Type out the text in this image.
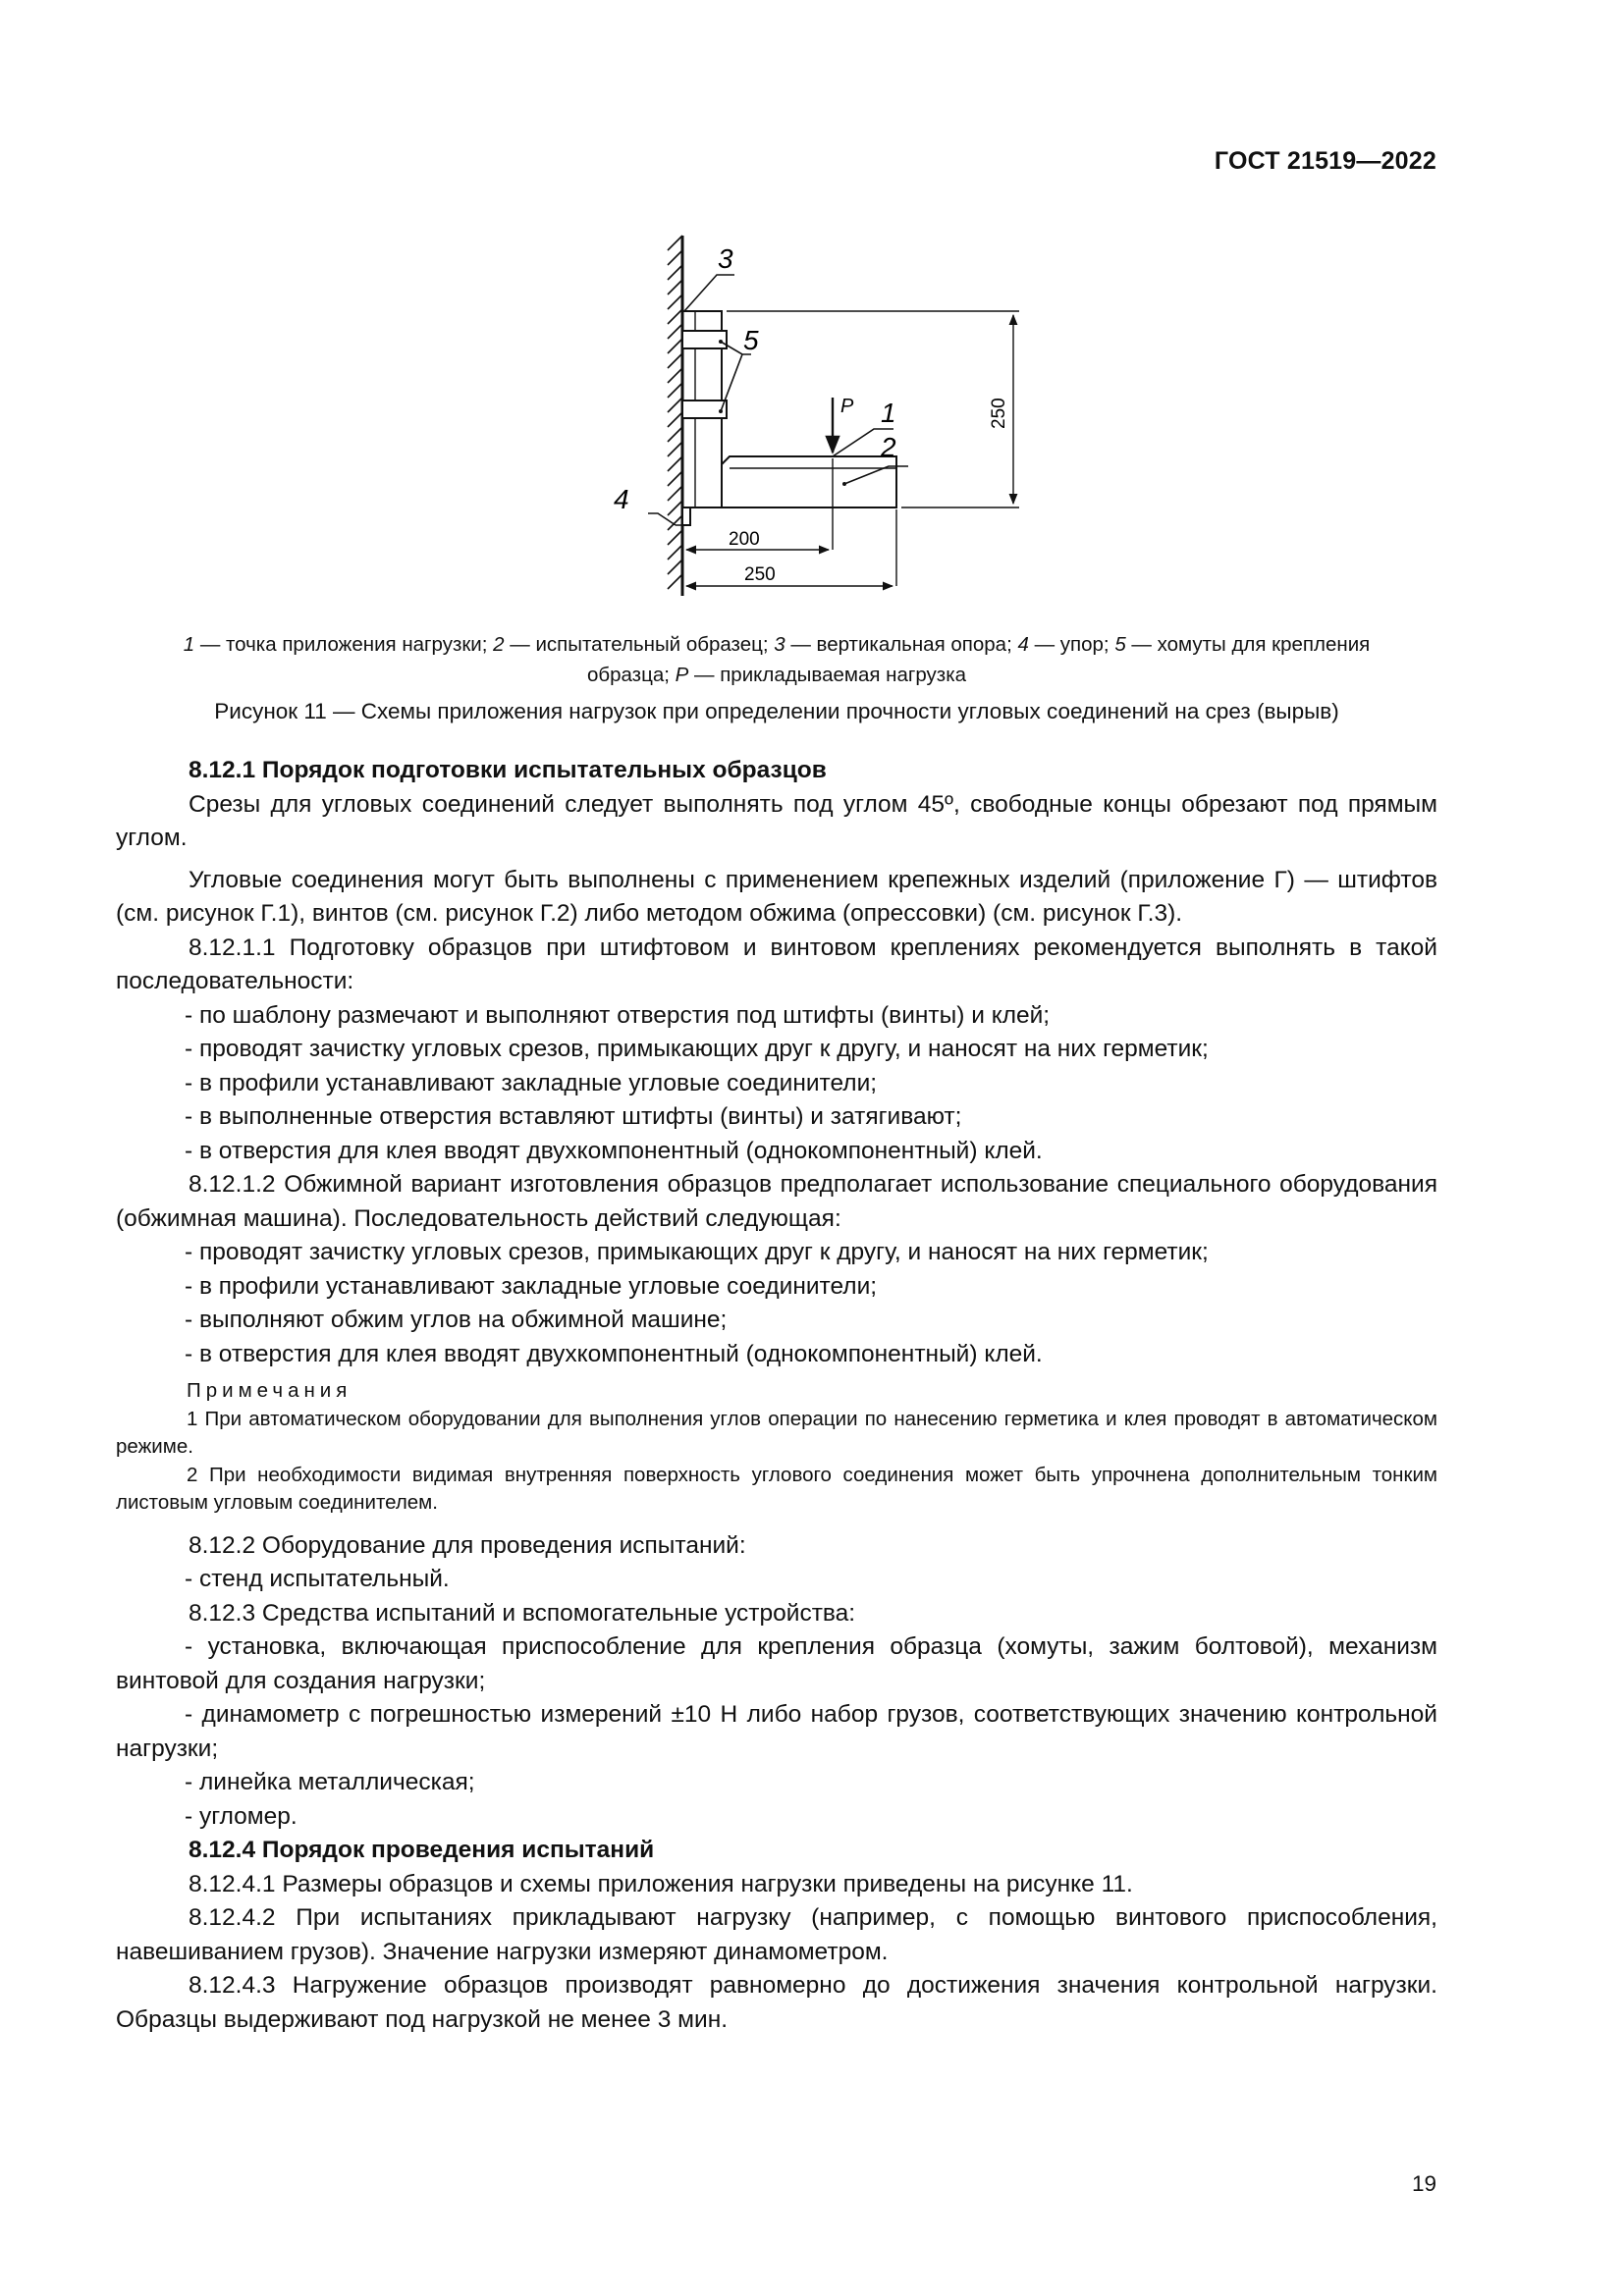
ГОСТ 21519—2022
3
5
P 1
2
4
250
200
250
1 — точка приложения нагрузки; 2 — испытательный образец; 3 — вертикальная опора; 4 — упор; 5 — хомуты для крепления
образца; P — прикладываемая нагрузка
Рисунок 11 — Схемы приложения нагрузок при определении прочности угловых соединений на срез (вырыв)

8.12.1 Порядок подготовки испытательных образцов

Срезы для угловых соединений следует выполнять под углом 45º, свободные концы обрезают под прямым углом.

Угловые соединения могут быть выполнены с применением крепежных изделий (приложение Г) — штифтов (см. рисунок Г.1), винтов (см. рисунок Г.2) либо методом обжима (опрессовки) (см. рисунок Г.3).

8.12.1.1 Подготовку образцов при штифтовом и винтовом креплениях рекомендуется выполнять в такой последовательности:

- по шаблону размечают и выполняют отверстия под штифты (винты) и клей;

- проводят зачистку угловых срезов, примыкающих друг к другу, и наносят на них герметик;

- в профили устанавливают закладные угловые соединители;

- в выполненные отверстия вставляют штифты (винты) и затягивают;

- в отверстия для клея вводят двухкомпонентный (однокомпонентный) клей.

8.12.1.2 Обжимной вариант изготовления образцов предполагает использование специального оборудования (обжимная машина). Последовательность действий следующая:

- проводят зачистку угловых срезов, примыкающих друг к другу, и наносят на них герметик;

- в профили устанавливают закладные угловые соединители;

- выполняют обжим углов на обжимной машине;

- в отверстия для клея вводят двухкомпонентный (однокомпонентный) клей.

Примечания

1 При автоматическом оборудовании для выполнения углов операции по нанесению герметика и клея проводят в автоматическом режиме.

2 При необходимости видимая внутренняя поверхность углового соединения может быть упрочнена дополнительным тонким листовым угловым соединителем.

8.12.2 Оборудование для проведения испытаний:

- стенд испытательный.

8.12.3 Средства испытаний и вспомогательные устройства:

- установка, включающая приспособление для крепления образца (хомуты, зажим болтовой), механизм винтовой для создания нагрузки;

- динамометр с погрешностью измерений ±10 Н либо набор грузов, соответствующих значению контрольной нагрузки;

- линейка металлическая;

- угломер.

8.12.4 Порядок проведения испытаний

8.12.4.1 Размеры образцов и схемы приложения нагрузки приведены на рисунке 11.

8.12.4.2 При испытаниях прикладывают нагрузку (например, с помощью винтового приспособления, навешиванием грузов). Значение нагрузки измеряют динамометром.

8.12.4.3 Нагружение образцов производят равномерно до достижения значения контрольной нагрузки. Образцы выдерживают под нагрузкой не менее 3 мин.

19
